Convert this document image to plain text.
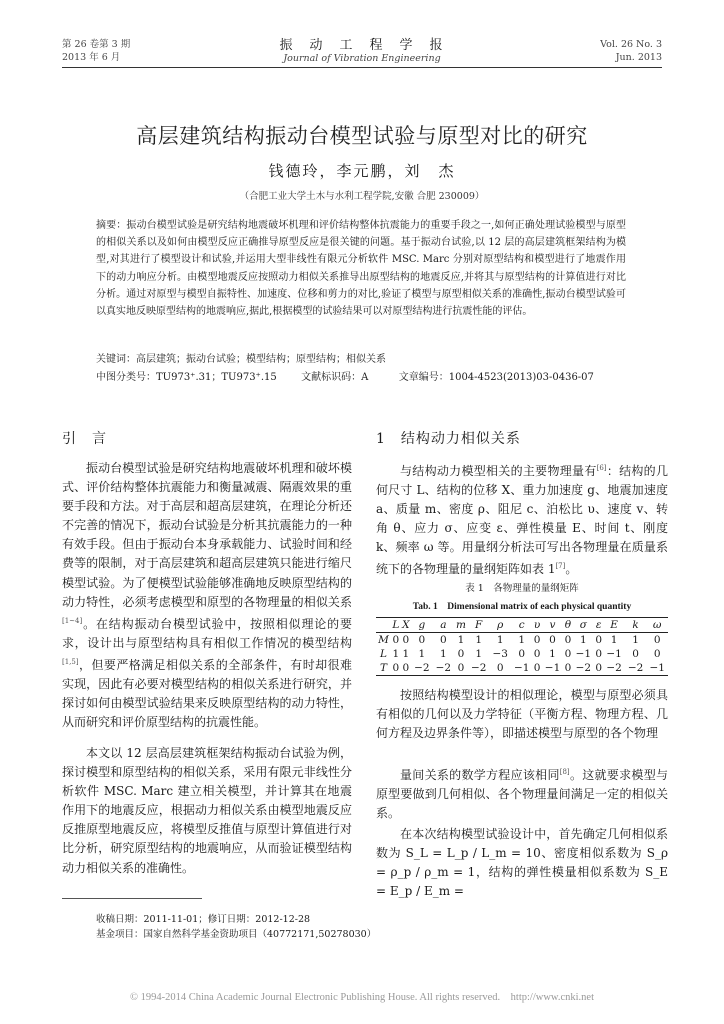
第 26 卷第 3 期
2013 年 6 月
振　动　工　程　学　报
Journal of Vibration Engineering
Vol. 26 No. 3
Jun. 2013
高层建筑结构振动台模型试验与原型对比的研究
钱德玲，李元鹏，刘　杰
（合肥工业大学土木与水利工程学院,安徽 合肥 230009）
摘要：振动台模型试验是研究结构地震破坏机理和评价结构整体抗震能力的重要手段之一,如何正确处理试验模型与原型的相似关系以及如何由模型反应正确推导原型反应是很关键的问题。基于振动台试验,以 12 层的高层建筑框架结构为模型,对其进行了模型设计和试验,并运用大型非线性有限元分析软件 MSC. Marc 分别对原型结构和模型进行了地震作用下的动力响应分析。由模型地震反应按照动力相似关系推导出原型结构的地震反应,并将其与原型结构的计算值进行对比分析。通过对原型与模型自振特性、加速度、位移和剪力的对比,验证了模型与原型相似关系的准确性,振动台模型试验可以真实地反映原型结构的地震响应,据此,根据模型的试验结果可以对原型结构进行抗震性能的评估。
关键词：高层建筑；振动台试验；模型结构；原型结构；相似关系
中图分类号：TU973⁺.31；TU973⁺.15 文献标识码：A	文章编号：1004-4523(2013)03-0436-07
引　言
振动台模型试验是研究结构地震破坏机理和破坏模式、评价结构整体抗震能力和衡量减震、隔震效果的重要手段和方法。对于高层和超高层建筑，在理论分析还不完善的情况下，振动台试验是分析其抗震能力的一种有效手段。但由于振动台本身承载能力、试验时间和经费等的限制，对于高层建筑和超高层建筑只能进行缩尺模型试验。为了便模型试验能够准确地反映原型结构的动力特性，必须考虑模型和原型的各物理量的相似关系[1~4]。在结构振动台模型试验中，按照相似理论的要求，设计出与原型结构具有相似工作情况的模型结构[1,5]，但要严格满足相似关系的全部条件，有时却很难实现，因此有必要对模型结构的相似关系进行研究，并探讨如何由模型试验结果来反映原型结构的动力特性，从而研究和评价原型结构的抗震性能。
本文以 12 层高层建筑框架结构振动台试验为例，探讨模型和原型结构的相似关系，采用有限元非线性分析软件 MSC. Marc 建立相关模型，并计算其在地震作用下的地震反应，根据动力相似关系由模型地震反应反推原型地震反应，将模型反推值与原型计算值进行对比分析，研究原型结构的地震响应，从而验证模型结构动力相似关系的准确性。
1　结构动力相似关系
与结构动力模型相关的主要物理量有[6]：结构的几何尺寸 L、结构的位移 X、重力加速度 g、地震加速度 a、质量 m、密度 ρ、阻尼 c、泊松比 υ、速度 v、转角 θ、应力 σ、应变 ε、弹性模量 E、时间 t、刚度 k、频率 ω 等。用量纲分析法可写出各物理量在质量系统下的各物理量的量纲矩阵如表 1[7]。
表 1　各物理量的量纲矩阵
Tab. 1　Dimensional matrix of each physical quantity
	L	X	g	a	m	F	ρ	c	υ	v	θ	σ	ε	E	k	ω
M	0	0	0	0	1	1	1	1	0	0	0	1	0	1	1	0
L	1	1	1	1	0	1	−3	0	0	1	0	−1	0	−1	0	0
T	0	0	−2	−2	0	−2	0	−1	0	−1	0	−2	0	−2	−2	−1
按照结构模型设计的相似理论，模型与原型必须具有相似的几何以及力学特征（平衡方程、物理方程、几何方程及边界条件等），即描述模型与原型的各个物理
量间关系的数学方程应该相同[8]。这就要求模型与原型要做到几何相似、各个物理量间满足一定的相似关系。
在本次结构模型试验设计中，首先确定几何相似系数为 S_L = L_p / L_m = 10、密度相似系数为 S_ρ = ρ_p / ρ_m = 1，结构的弹性模量相似系数为 S_E = E_p / E_m =
收稿日期：2011-11-01；修订日期：2012-12-28
基金项目：国家自然科学基金资助项目（40772171,50278030）
© 1994-2014 China Academic Journal Electronic Publishing House. All rights reserved.　http://www.cnki.net
